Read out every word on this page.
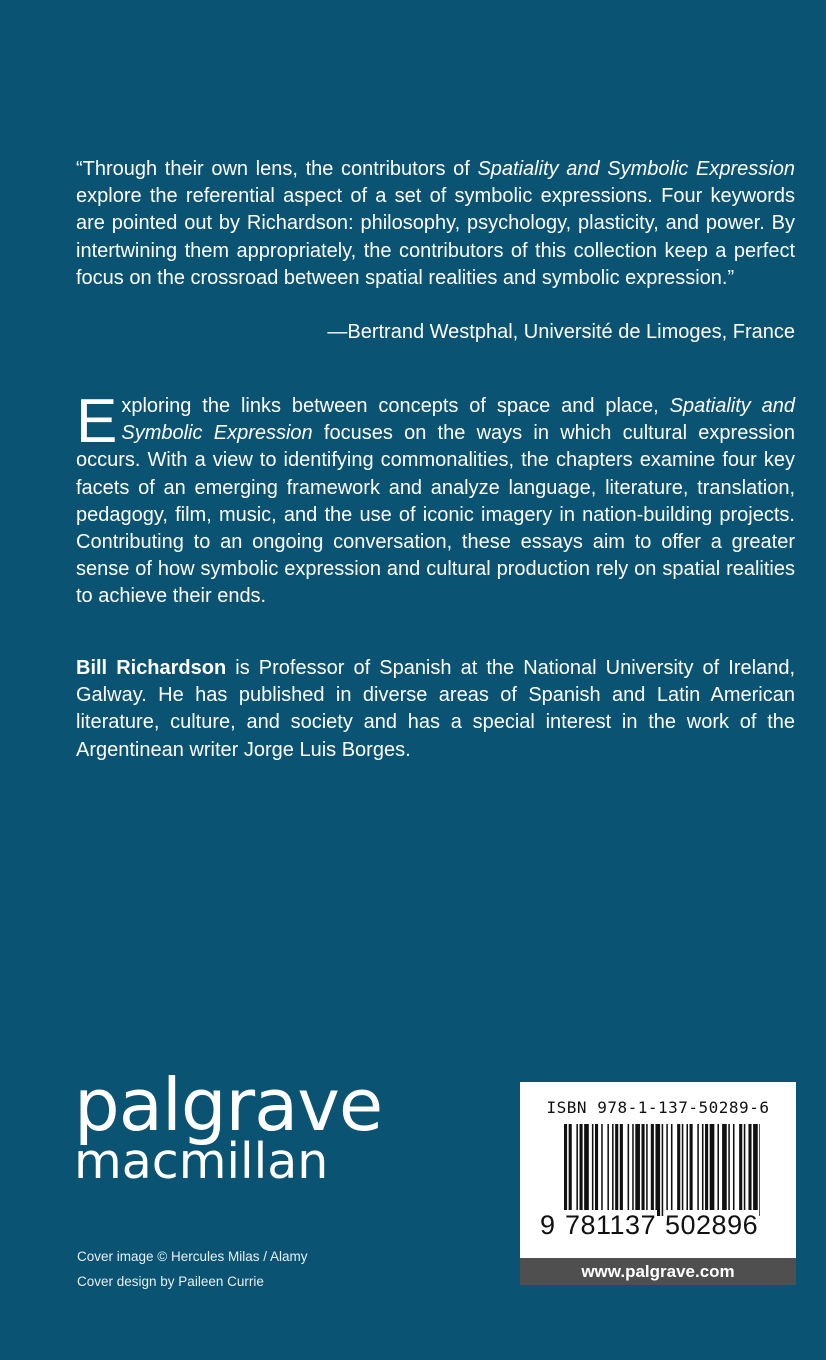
“Through their own lens, the contributors of Spatiality and Symbolic Expression explore the referential aspect of a set of symbolic expressions. Four keywords are pointed out by Richardson: philosophy, psychology, plasticity, and power. By intertwining them appropriately, the contributors of this collection keep a perfect focus on the crossroad between spatial realities and symbolic expression.”

—Bertrand Westphal, Université de Limoges, France

Exploring the links between concepts of space and place, Spatiality and Symbolic Expression focuses on the ways in which cultural expression occurs. With a view to identifying commonalities, the chapters examine four key facets of an emerging framework and analyze language, literature, translation, pedagogy, film, music, and the use of iconic imagery in nation-building projects. Contributing to an ongoing conversation, these essays aim to offer a greater sense of how symbolic expression and cultural production rely on spatial realities to achieve their ends.

Bill Richardson is Professor of Spanish at the National University of Ireland, Galway. He has published in diverse areas of Spanish and Latin American literature, culture, and society and has a special interest in the work of the Argentinean writer Jorge Luis Borges.

palgrave
macmillan
Cover image © Hercules Milas / Alamy
Cover design by Paileen Currie
ISBN 978-1-137-50289-6
9 781137 502896
www.palgrave.com
